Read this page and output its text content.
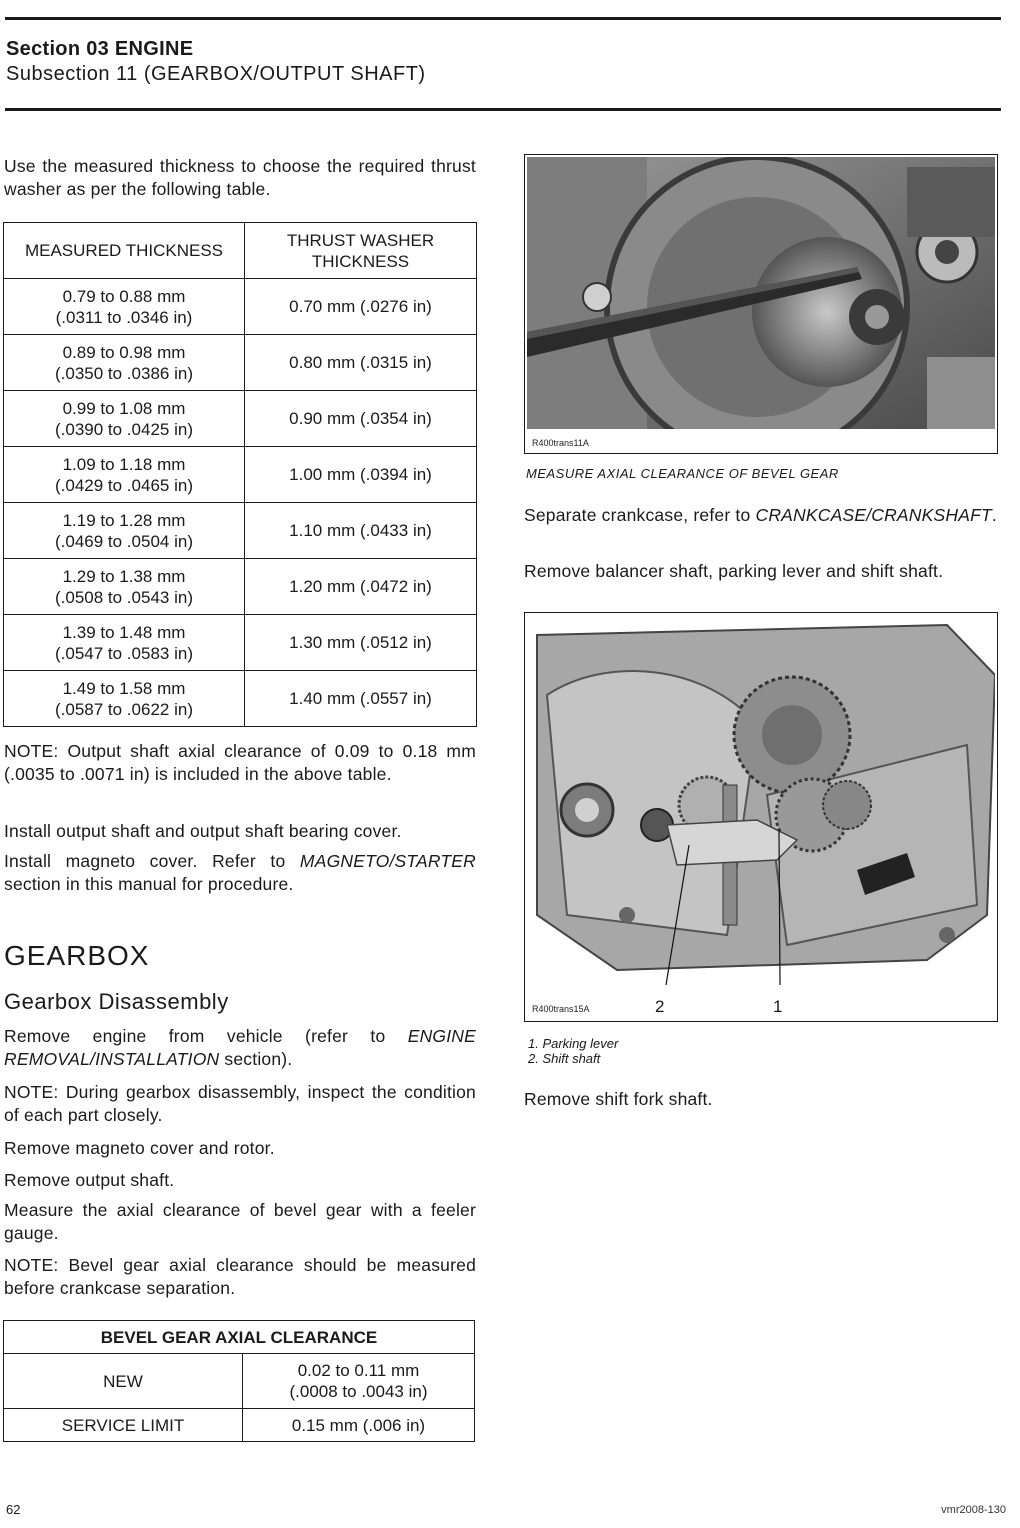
Section 03 ENGINE
Subsection 11 (GEARBOX/OUTPUT SHAFT)

Use the measured thickness to choose the required thrust washer as per the following table.

MEASURED THICKNESS	THRUST WASHER THICKNESS
0.79 to 0.88 mm
(.0311 to .0346 in)	0.70 mm (.0276 in)
0.89 to 0.98 mm
(.0350 to .0386 in)	0.80 mm (.0315 in)
0.99 to 1.08 mm
(.0390 to .0425 in)	0.90 mm (.0354 in)
1.09 to 1.18 mm
(.0429 to .0465 in)	1.00 mm (.0394 in)
1.19 to 1.28 mm
(.0469 to .0504 in)	1.10 mm (.0433 in)
1.29 to 1.38 mm
(.0508 to .0543 in)	1.20 mm (.0472 in)
1.39 to 1.48 mm
(.0547 to .0583 in)	1.30 mm (.0512 in)
1.49 to 1.58 mm
(.0587 to .0622 in)	1.40 mm (.0557 in)

NOTE: Output shaft axial clearance of 0.09 to 0.18 mm (.0035 to .0071 in) is included in the above table.

Install output shaft and output shaft bearing cover.

Install magneto cover. Refer to MAGNETO/STARTER section in this manual for procedure.

GEARBOX
Gearbox Disassembly

Remove engine from vehicle (refer to ENGINE REMOVAL/INSTALLATION section).

NOTE: During gearbox disassembly, inspect the condition of each part closely.

Remove magneto cover and rotor.

Remove output shaft.

Measure the axial clearance of bevel gear with a feeler gauge.

NOTE: Bevel gear axial clearance should be measured before crankcase separation.

BEVEL GEAR AXIAL CLEARANCE	
NEW	0.02 to 0.11 mm
(.0008 to .0043 in)
SERVICE LIMIT	0.15 mm (.006 in)
R400trans11A
MEASURE AXIAL CLEARANCE OF BEVEL GEAR

Separate crankcase, refer to CRANKCASE/CRANKSHAFT.

Remove balancer shaft, parking lever and shift shaft.

R400trans15A	2	1
1. Parking lever
2. Shift shaft

Remove shift fork shaft.

62	vmr2008-130
